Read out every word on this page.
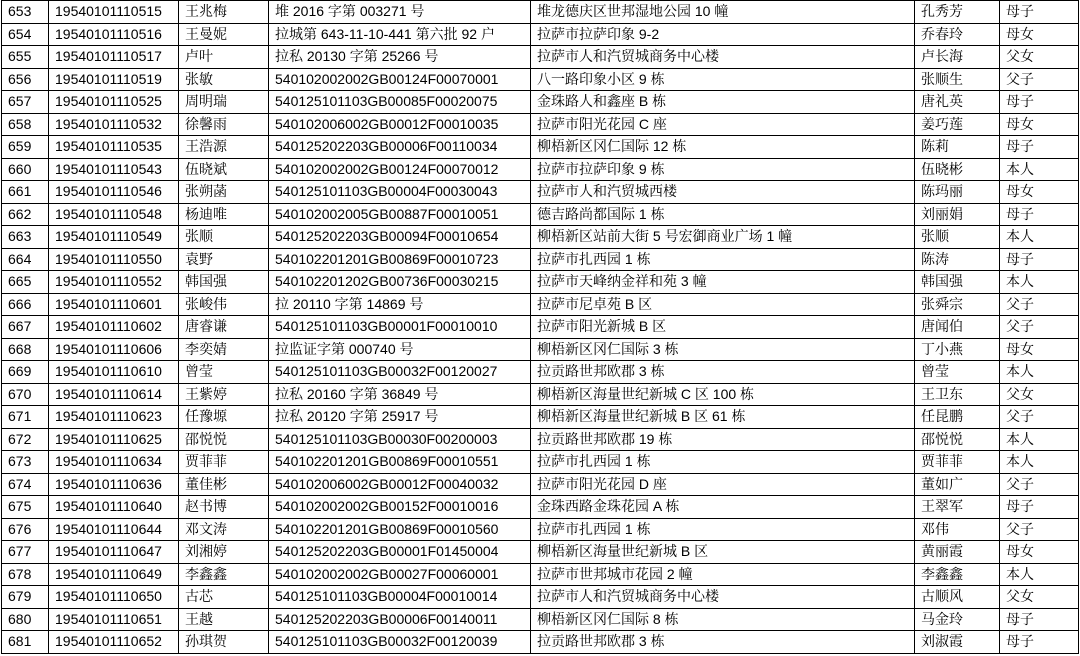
653	19540101110515	王兆梅	堆 2016 字第 003271 号	堆龙德庆区世邦湿地公园 10 幢	孔秀芳	母子
654	19540101110516	王曼妮	拉城第 643-11-10-441 第六批 92 户	拉萨市拉萨印象 9-2	乔春玲	母女
655	19540101110517	卢叶	拉私 20130 字第 25266 号	拉萨市人和汽贸城商务中心楼	卢长海	父女
656	19540101110519	张敏	540102002002GB00124F00070001	八一路印象小区 9 栋	张顺生	父子
657	19540101110525	周明瑞	540125101103GB00085F00020075	金珠路人和鑫座 B 栋	唐礼英	母子
658	19540101110532	徐馨雨	540102006002GB00012F00010035	拉萨市阳光花园 C 座	姜巧莲	母女
659	19540101110535	王浩源	540125202203GB00006F00110034	柳梧新区冈仁国际 12 栋	陈莉	母子
660	19540101110543	伍晓斌	540102002002GB00124F00070012	拉萨市拉萨印象 9 栋	伍晓彬	本人
661	19540101110546	张朔菡	540125101103GB00004F00030043	拉萨市人和汽贸城西楼	陈玛丽	母女
662	19540101110548	杨迪唯	540102002005GB00887F00010051	德吉路尚都国际 1 栋	刘丽娟	母子
663	19540101110549	张顺	540125202203GB00094F00010654	柳梧新区站前大街 5 号宏御商业广场 1 幢	张顺	本人
664	19540101110550	袁野	540102201201GB00869F00010723	拉萨市扎西园 1 栋	陈涛	母子
665	19540101110552	韩国强	540102201202GB00736F00030215	拉萨市天峰纳金祥和苑 3 幢	韩国强	本人
666	19540101110601	张峻伟	拉 20110 字第 14869 号	拉萨市尼卓苑 B 区	张舜宗	父子
667	19540101110602	唐睿谦	540125101103GB00001F00010010	拉萨市阳光新城 B 区	唐闻伯	父子
668	19540101110606	李奕婧	拉监证字第 000740 号	柳梧新区冈仁国际 3 栋	丁小燕	母女
669	19540101110610	曾莹	540125101103GB00032F00120027	拉贡路世邦欧郡 3 栋	曾莹	本人
670	19540101110614	王紫婷	拉私 20160 字第 36849 号	柳梧新区海量世纪新城 C 区 100 栋	王卫东	父女
671	19540101110623	任豫塬	拉私 20120 字第 25917 号	柳梧新区海量世纪新城 B 区 61 栋	任昆鹏	父子
672	19540101110625	邵悦悦	540125101103GB00030F00200003	拉贡路世邦欧郡 19 栋	邵悦悦	本人
673	19540101110634	贾菲菲	540102201201GB00869F00010551	拉萨市扎西园 1 栋	贾菲菲	本人
674	19540101110636	董佳彬	540102006002GB00012F00040032	拉萨市阳光花园 D 座	董如广	父子
675	19540101110640	赵书博	540102002002GB00152F00010016	金珠西路金珠花园 A 栋	王翠军	母子
676	19540101110644	邓文涛	540102201201GB00869F00010560	拉萨市扎西园 1 栋	邓伟	父子
677	19540101110647	刘湘婷	540125202203GB00001F01450004	柳梧新区海量世纪新城 B 区	黄丽霞	母女
678	19540101110649	李鑫鑫	540102002002GB00027F00060001	拉萨市世邦城市花园 2 幢	李鑫鑫	本人
679	19540101110650	古芯	540125101103GB00004F00010014	拉萨市人和汽贸城商务中心楼	古顺风	父女
680	19540101110651	王越	540125202203GB00006F00140011	柳梧新区冈仁国际 8 栋	马金玲	母子
681	19540101110652	孙琪贺	540125101103GB00032F00120039	拉贡路世邦欧郡 3 栋	刘淑霞	母子
